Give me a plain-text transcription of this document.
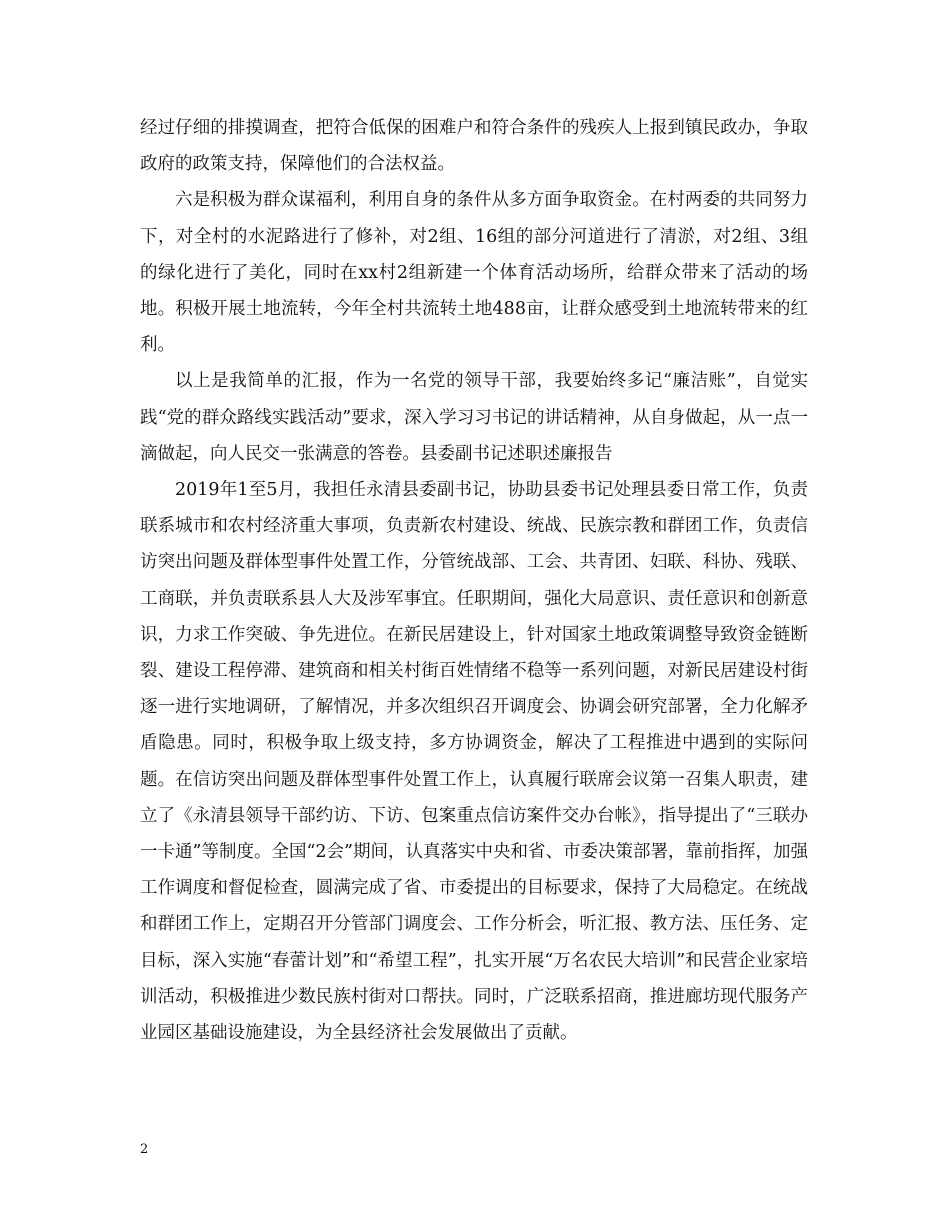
经过仔细的排摸调查，把符合低保的困难户和符合条件的残疾人上报到镇民政办，争取政府的政策支持，保障他们的合法权益。

六是积极为群众谋福利，利用自身的条件从多方面争取资金。在村两委的共同努力下，对全村的水泥路进行了修补，对2组、16组的部分河道进行了清淤，对2组、3组的绿化进行了美化，同时在xx村2组新建一个体育活动场所，给群众带来了活动的场地。积极开展土地流转，今年全村共流转土地488亩，让群众感受到土地流转带来的红利。

以上是我简单的汇报，作为一名党的领导干部，我要始终多记“廉洁账”，自觉实践“党的群众路线实践活动”要求，深入学习习书记的讲话精神，从自身做起，从一点一滴做起，向人民交一张满意的答卷。县委副书记述职述廉报告

2019年1至5月，我担任永清县委副书记，协助县委书记处理县委日常工作，负责联系城市和农村经济重大事项，负责新农村建设、统战、民族宗教和群团工作，负责信访突出问题及群体型事件处置工作，分管统战部、工会、共青团、妇联、科协、残联、工商联，并负责联系县人大及涉军事宜。任职期间，强化大局意识、责任意识和创新意识，力求工作突破、争先进位。在新民居建设上，针对国家土地政策调整导致资金链断裂、建设工程停滞、建筑商和相关村街百姓情绪不稳等一系列问题，对新民居建设村街逐一进行实地调研，了解情况，并多次组织召开调度会、协调会研究部署，全力化解矛盾隐患。同时，积极争取上级支持，多方协调资金，解决了工程推进中遇到的实际问题。在信访突出问题及群体型事件处置工作上，认真履行联席会议第一召集人职责，建立了《永清县领导干部约访、下访、包案重点信访案件交办台帐》，指导提出了“三联办一卡通”等制度。全国“2会”期间，认真落实中央和省、市委决策部署，靠前指挥，加强工作调度和督促检查，圆满完成了省、市委提出的目标要求，保持了大局稳定。在统战和群团工作上，定期召开分管部门调度会、工作分析会，听汇报、教方法、压任务、定目标，深入实施“春蕾计划”和“希望工程”，扎实开展“万名农民大培训”和民营企业家培训活动，积极推进少数民族村街对口帮扶。同时，广泛联系招商，推进廊坊现代服务产业园区基础设施建设，为全县经济社会发展做出了贡献。

2
